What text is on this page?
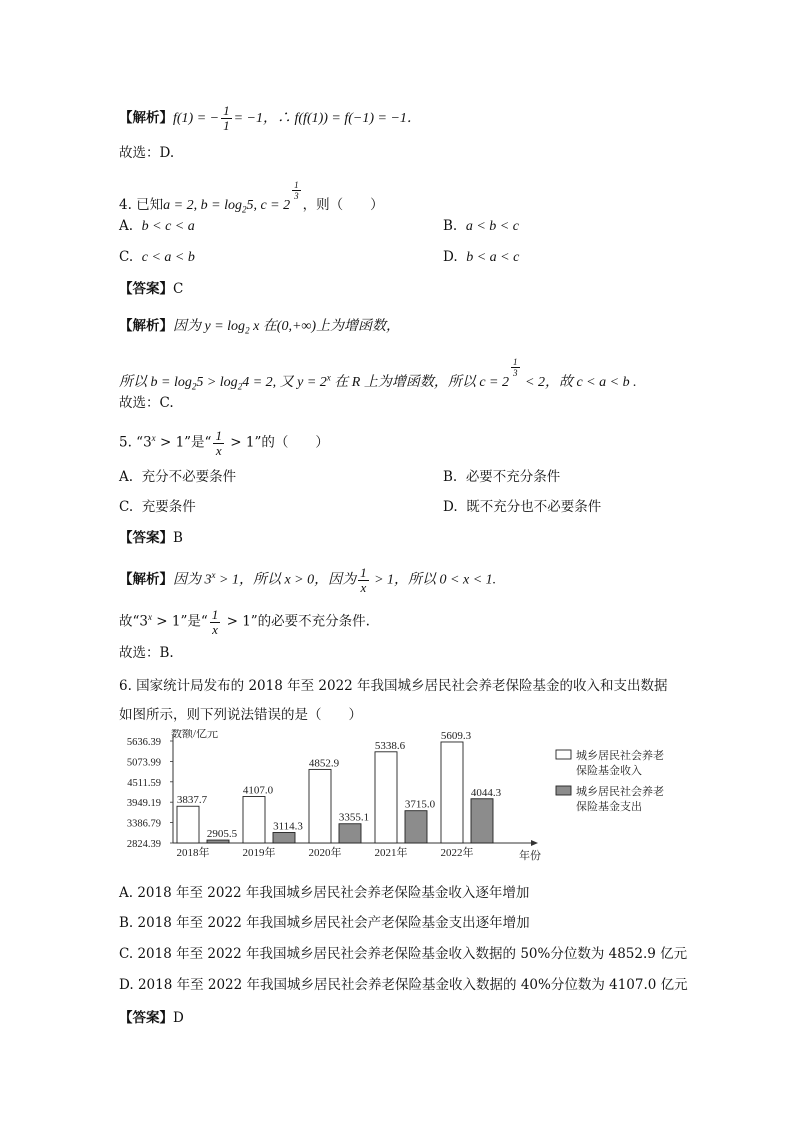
【解析】f(1) = − $\frac{1}{1} = -1$，∴ f(f(1)) = f(−1) = −1．
故选：D.
4. 已知a = 2, $b = \log_25$, c = 2
$^{\frac{1}{3}}$
，则（　　）
A. b < c < a	B. a < b < c
C. c < a < b	D. b < a < c
【答案】C
【解析】因为 $y = \log_2 x$ 在(0,+∞)上为增函数，
所以 $b = \log_25 > \log_24 = 2$, 又 $y = 2^x$ 在 R 上为增函数，所以 c = 2
$^{\frac{1}{3}}$
< 2，故 c < a < b .
故选：C.
5. “$3^x > 1$”是“ $\frac{1}{x} > 1$”的（　　）
A. 充分不必要条件	B. 必要不充分条件
C. 充要条件	D. 既不充分也不必要条件
【答案】B
【解析】因为 $3^x > 1$，所以 x > 0，因为 $\frac{1}{x} > 1$，所以 0 < x < 1.
故“$3^x > 1$”是“ $\frac{1}{x} > 1$”的必要不充分条件.
故选：B.
6. 国家统计局发布的 2018 年至 2022 年我国城乡居民社会养老保险基金的收入和支出数据
如图所示，则下列说法错误的是（　　）
数额/亿元
5636.39
5073.99
4511.59
3949.19
3386.79
2824.39
年份
3837.7
2905.5
2018年
4107.0
3114.3
2019年
4852.9
3355.1
2020年
5338.6
3715.0
2021年
5609.3
4044.3
2022年
城乡居民社会养老
保险基金收入
城乡居民社会养老
保险基金支出
A. 2018 年至 2022 年我国城乡居民社会养老保险基金收入逐年增加
B. 2018 年至 2022 年我国城乡居民社会产老保险基金支出逐年增加
C. 2018 年至 2022 年我国城乡居民社会养老保险基金收入数据的 50%分位数为 4852.9 亿元
D. 2018 年至 2022 年我国城乡居民社会养老保险基金收入数据的 40%分位数为 4107.0 亿元
【答案】D
